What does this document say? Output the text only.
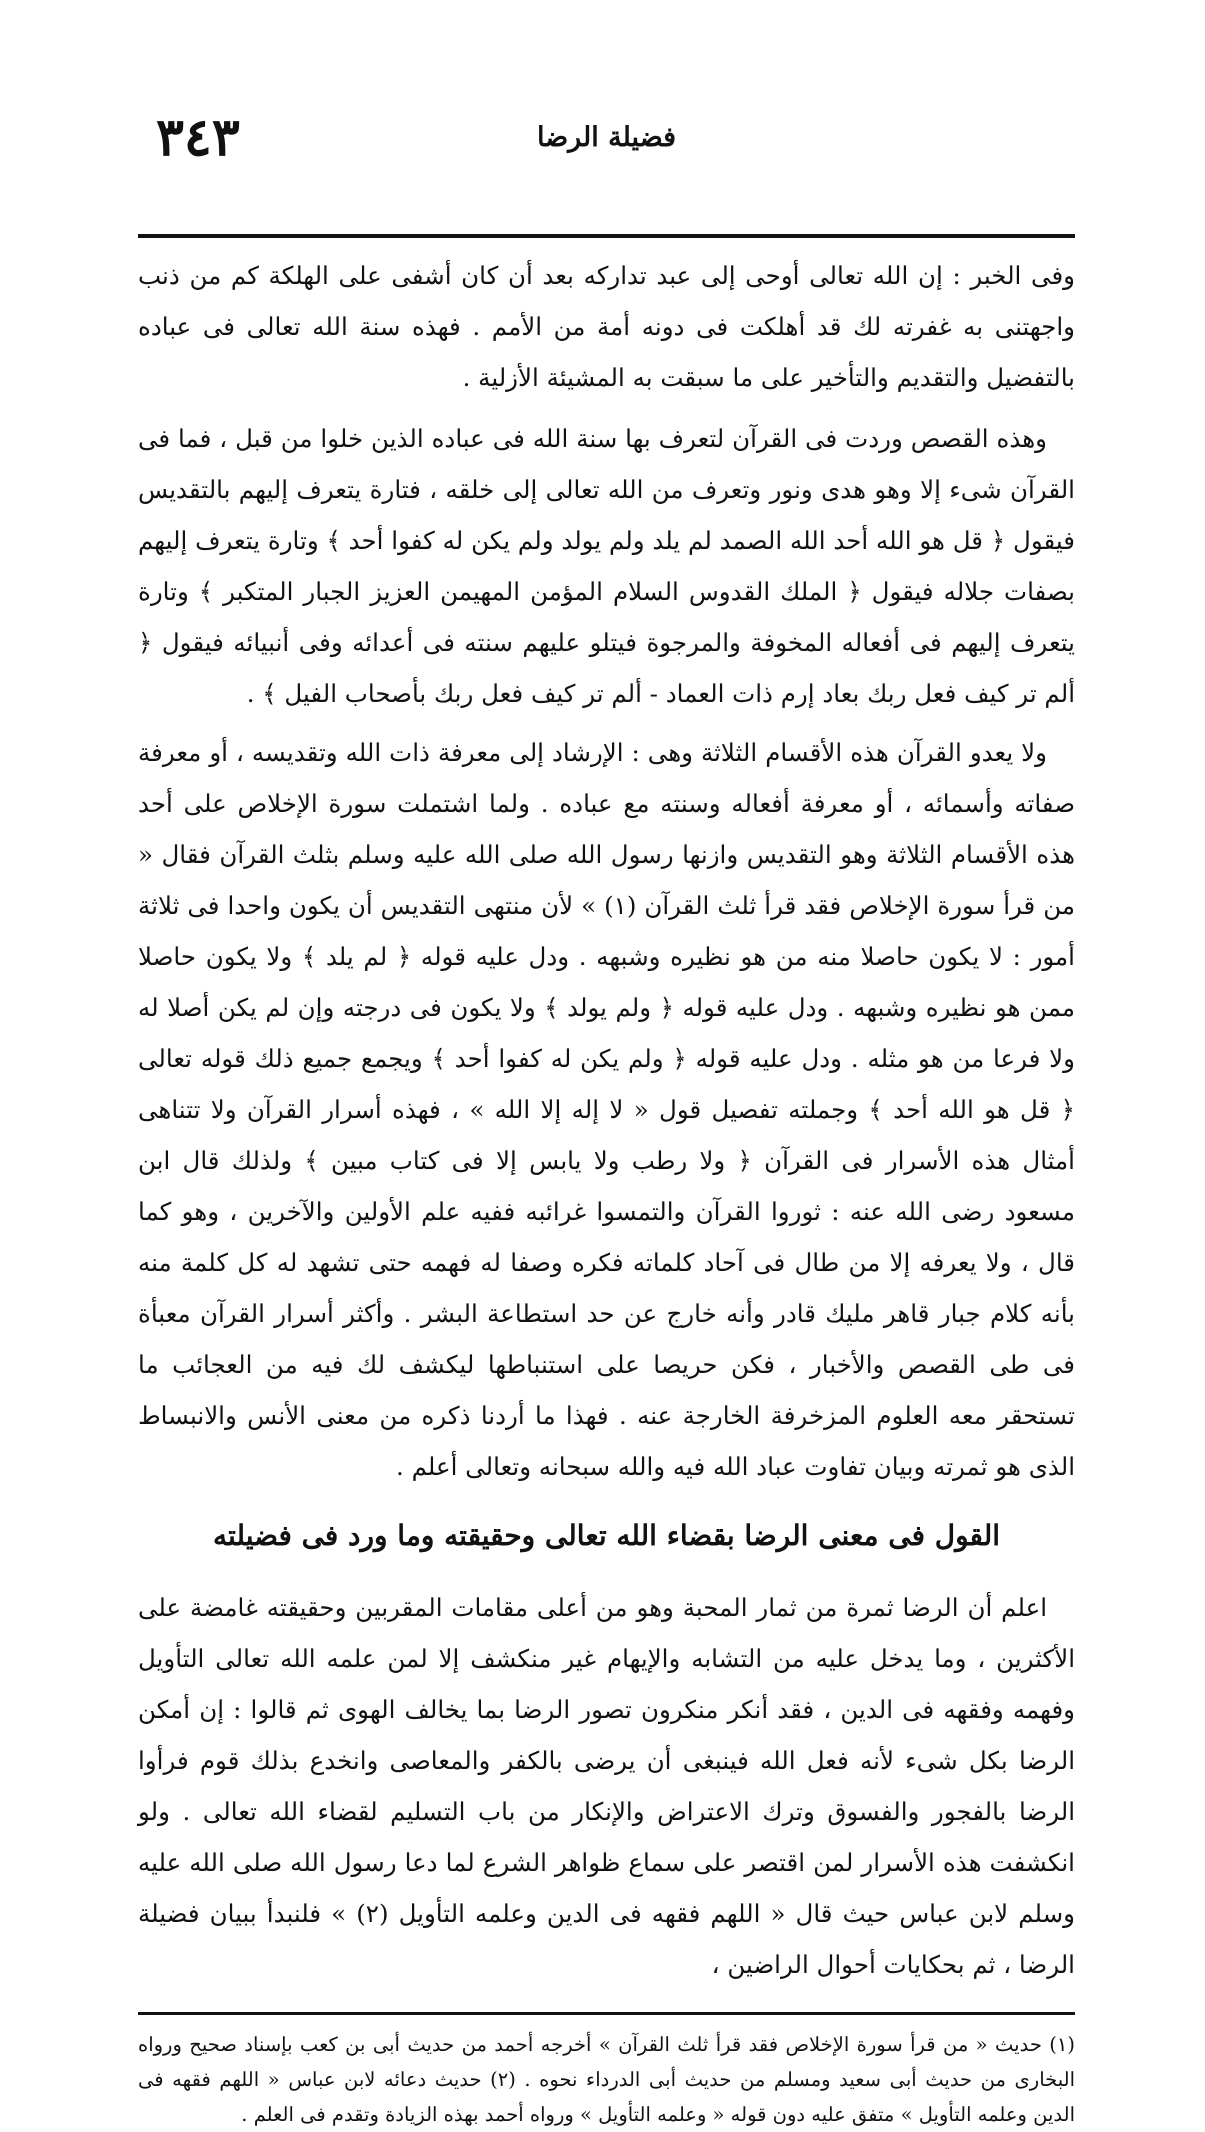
٣٤٣	فضيلة الرضا

وفى الخبر : إن الله تعالى أوحى إلى عبد تداركه بعد أن كان أشفى على الهلكة كم من ذنب واجهتنى به غفرته لك قد أهلكت فى دونه أمة من الأمم . فهذه سنة الله تعالى فى عباده بالتفضيل والتقديم والتأخير على ما سبقت به المشيئة الأزلية .

وهذه القصص وردت فى القرآن لتعرف بها سنة الله فى عباده الذين خلوا من قبل ، فما فى القرآن شىء إلا وهو هدى ونور وتعرف من الله تعالى إلى خلقه ، فتارة يتعرف إليهم بالتقديس فيقول ﴿ قل هو الله أحد الله الصمد لم يلد ولم يولد ولم يكن له كفوا أحد ﴾ وتارة يتعرف إليهم بصفات جلاله فيقول ﴿ الملك القدوس السلام المؤمن المهيمن العزيز الجبار المتكبر ﴾ وتارة يتعرف إليهم فى أفعاله المخوفة والمرجوة فيتلو عليهم سنته فى أعدائه وفى أنبيائه فيقول ﴿ ألم تر كيف فعل ربك بعاد إرم ذات العماد - ألم تر كيف فعل ربك بأصحاب الفيل ﴾ .

ولا يعدو القرآن هذه الأقسام الثلاثة وهى : الإرشاد إلى معرفة ذات الله وتقديسه ، أو معرفة صفاته وأسمائه ، أو معرفة أفعاله وسنته مع عباده . ولما اشتملت سورة الإخلاص على أحد هذه الأقسام الثلاثة وهو التقديس وازنها رسول الله صلى الله عليه وسلم بثلث القرآن فقال « من قرأ سورة الإخلاص فقد قرأ ثلث القرآن (١) » لأن منتهى التقديس أن يكون واحدا فى ثلاثة أمور : لا يكون حاصلا منه من هو نظيره وشبهه . ودل عليه قوله ﴿ لم يلد ﴾ ولا يكون حاصلا ممن هو نظيره وشبهه . ودل عليه قوله ﴿ ولم يولد ﴾ ولا يكون فى درجته وإن لم يكن أصلا له ولا فرعا من هو مثله . ودل عليه قوله ﴿ ولم يكن له كفوا أحد ﴾ ويجمع جميع ذلك قوله تعالى ﴿ قل هو الله أحد ﴾ وجملته تفصيل قول « لا إله إلا الله » ، فهذه أسرار القرآن ولا تتناهى أمثال هذه الأسرار فى القرآن ﴿ ولا رطب ولا يابس إلا فى كتاب مبين ﴾ ولذلك قال ابن مسعود رضى الله عنه : ثوروا القرآن والتمسوا غرائبه ففيه علم الأولين والآخرين ، وهو كما قال ، ولا يعرفه إلا من طال فى آحاد كلماته فكره وصفا له فهمه حتى تشهد له كل كلمة منه بأنه كلام جبار قاهر مليك قادر وأنه خارج عن حد استطاعة البشر . وأكثر أسرار القرآن معبأة فى طى القصص والأخبار ، فكن حريصا على استنباطها ليكشف لك فيه من العجائب ما تستحقر معه العلوم المزخرفة الخارجة عنه . فهذا ما أردنا ذكره من معنى الأنس والانبساط الذى هو ثمرته وبيان تفاوت عباد الله فيه والله سبحانه وتعالى أعلم .

القول فى معنى الرضا بقضاء الله تعالى وحقيقته وما ورد فى فضيلته

اعلم أن الرضا ثمرة من ثمار المحبة وهو من أعلى مقامات المقربين وحقيقته غامضة على الأكثرين ، وما يدخل عليه من التشابه والإيهام غير منكشف إلا لمن علمه الله تعالى التأويل وفهمه وفقهه فى الدين ، فقد أنكر منكرون تصور الرضا بما يخالف الهوى ثم قالوا : إن أمكن الرضا بكل شىء لأنه فعل الله فينبغى أن يرضى بالكفر والمعاصى وانخدع بذلك قوم فرأوا الرضا بالفجور والفسوق وترك الاعتراض والإنكار من باب التسليم لقضاء الله تعالى . ولو انكشفت هذه الأسرار لمن اقتصر على سماع ظواهر الشرع لما دعا رسول الله صلى الله عليه وسلم لابن عباس حيث قال « اللهم فقهه فى الدين وعلمه التأويل (٢) » فلنبدأ ببيان فضيلة الرضا ، ثم بحكايات أحوال الراضين ،

(١) حديث « من قرأ سورة الإخلاص فقد قرأ ثلث القرآن » أخرجه أحمد من حديث أبى بن كعب بإسناد صحيح ورواه البخارى من حديث أبى سعيد ومسلم من حديث أبى الدرداء نحوه . (٢) حديث دعائه لابن عباس « اللهم فقهه فى الدين وعلمه التأويل » متفق عليه دون قوله « وعلمه التأويل » ورواه أحمد بهذه الزيادة وتقدم فى العلم .
